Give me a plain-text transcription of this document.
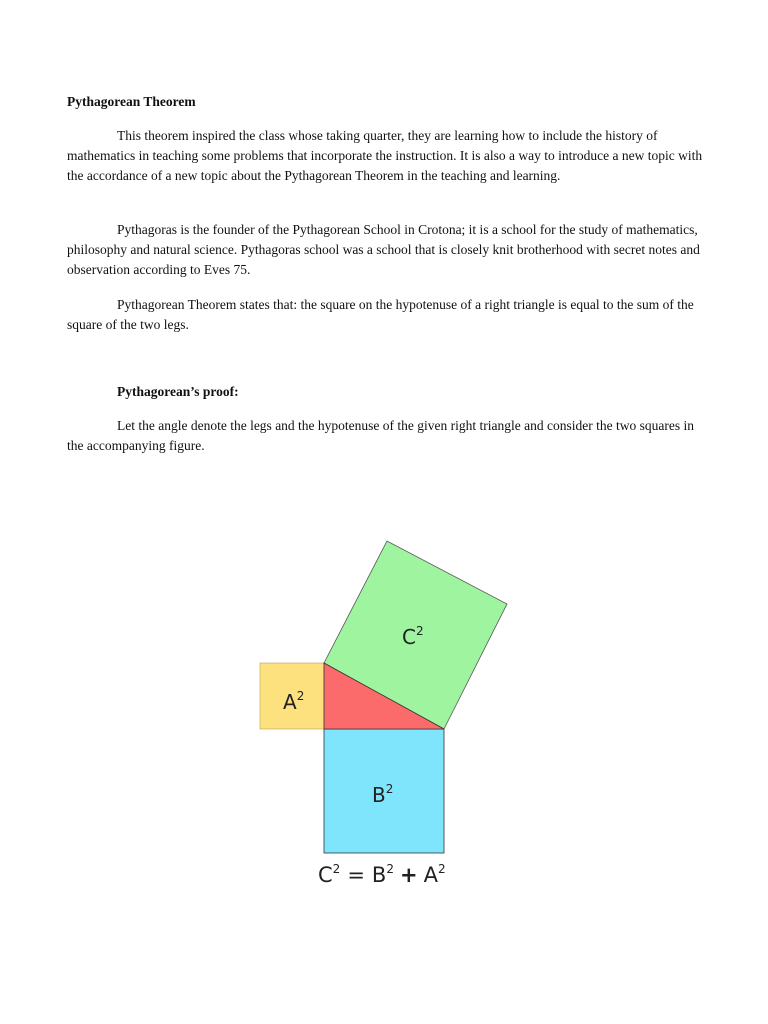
Pythagorean Theorem

This theorem inspired the class whose taking quarter, they are learning how to include the history of mathematics in teaching some problems that incorporate the instruction. It is also a way to introduce a new topic with the accordance of a new topic about the Pythagorean Theorem in the teaching and learning.

Pythagoras is the founder of the Pythagorean School in Crotona; it is a school for the study of mathematics, philosophy and natural science. Pythagoras school was a school that is closely knit brotherhood with secret notes and observation according to Eves 75.

Pythagorean Theorem states that: the square on the hypotenuse of a right triangle is equal to the sum of the square of the two legs.

Pythagorean’s proof:

Let the angle denote the legs and the hypotenuse of the given right triangle and consider the two squares in the accompanying figure.

$C^2$
$A^2$
$B^2$
$C^2 = B^2 + A^2$
